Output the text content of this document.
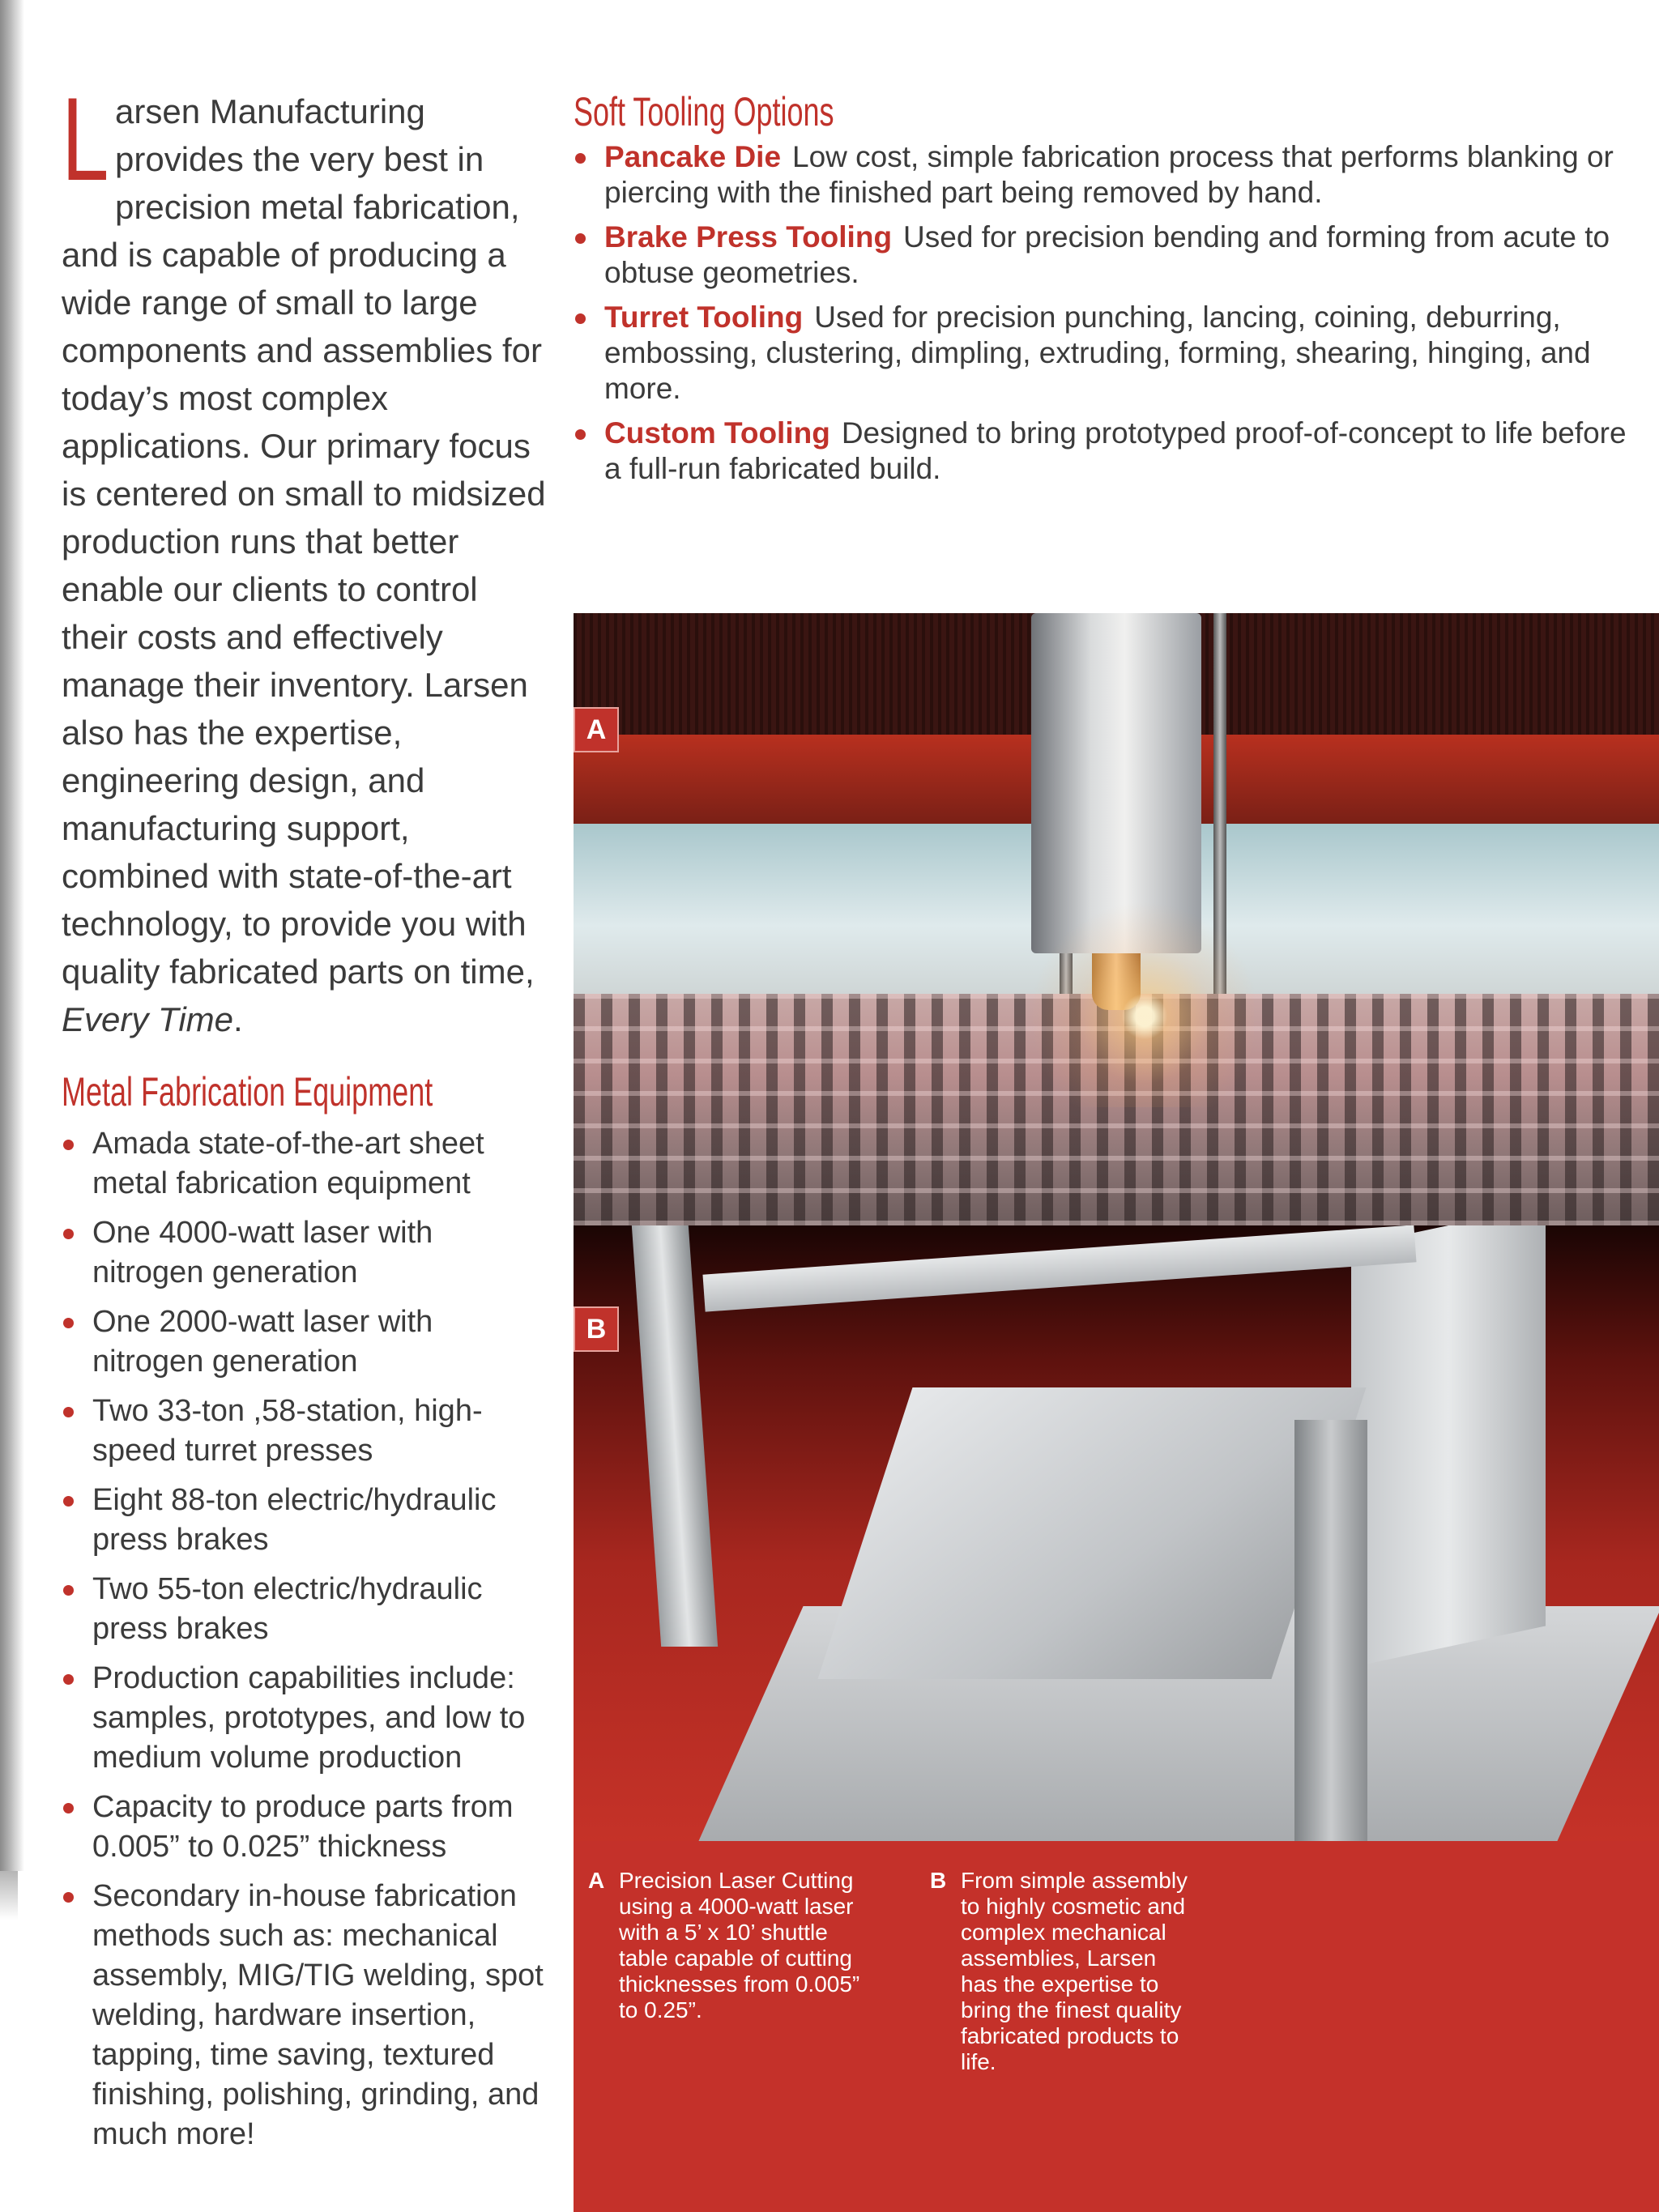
Larsen Manufacturing provides the very best in precision metal fabrication, and is capable of producing a wide range of small to large components and assemblies for today’s most complex applications. Our primary focus is centered on small to midsized production runs that better enable our clients to control their costs and effectively manage their inventory. Larsen also has the expertise, engineering design, and manufacturing support, combined with state-of-the-art technology, to provide you with quality fabricated parts on time, Every Time.
Metal Fabrication Equipment
Amada state-of-the-art sheet metal fabrication equipment
One 4000-watt laser with nitrogen generation
One 2000-watt laser with nitrogen generation
Two 33-ton ,58-station, high-speed turret presses
Eight 88-ton electric/hydraulic press brakes
Two 55-ton electric/hydraulic press brakes
Production capabilities include: samples, prototypes, and low to medium volume production
Capacity to produce parts from 0.005” to 0.025” thickness
Secondary in-house fabrication methods such as: mechanical assembly, MIG/TIG welding, spot welding, hardware insertion, tapping, time saving, textured finishing, polishing, grinding, and much more!
Soft Tooling Options
Pancake Die Low cost, simple fabrication process that performs blanking or piercing with the finished part being removed by hand.
Brake Press Tooling Used for precision bending and forming from acute to obtuse geometries.
Turret Tooling Used for precision punching, lancing, coining, deburring, embossing, clustering, dimpling, extruding, forming, shearing, hinging, and more.
Custom Tooling Designed to bring prototyped proof-of-concept to life before a full-run fabricated build.
A
B
A Precision Laser Cutting using a 4000-watt laser with a 5’ x 10’ shuttle table capable of cutting thicknesses from 0.005” to 0.25”.
B From simple assembly to highly cosmetic and complex mechanical assemblies, Larsen has the expertise to bring the finest quality fabricated products to life.
